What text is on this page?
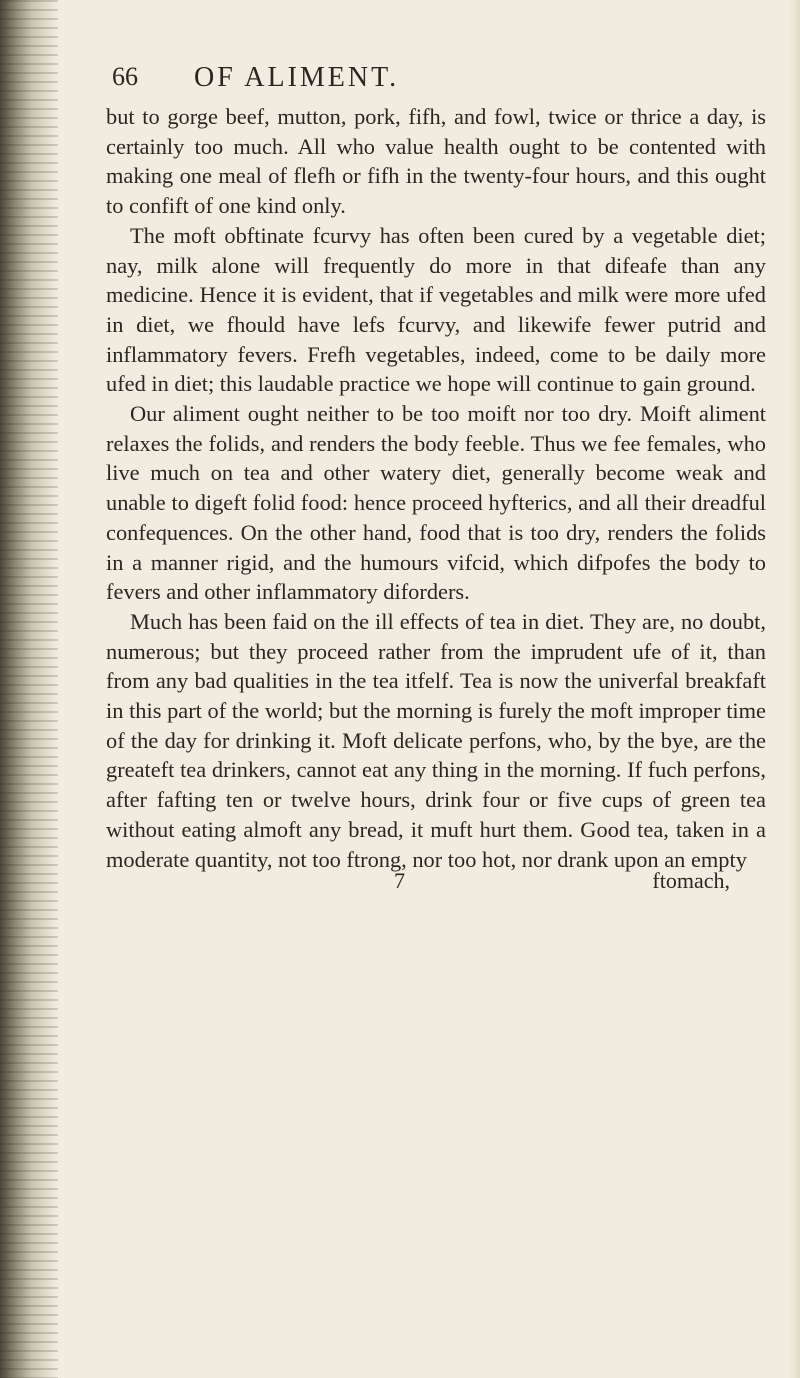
66 OF ALIMENT.

but to gorge beef, mutton, pork, fifh, and fowl, twice or thrice a day, is certainly too much. All who value health ought to be contented with making one meal of flefh or fifh in the twenty-four hours, and this ought to confift of one kind only.

The moft obftinate fcurvy has often been cured by a vegetable diet; nay, milk alone will frequently do more in that difeafe than any medicine. Hence it is evident, that if vegetables and milk were more ufed in diet, we fhould have lefs fcurvy, and likewife fewer putrid and inflammatory fevers. Frefh vegetables, indeed, come to be daily more ufed in diet; this laudable practice we hope will continue to gain ground.

Our aliment ought neither to be too moift nor too dry. Moift aliment relaxes the folids, and renders the body feeble. Thus we fee females, who live much on tea and other watery diet, generally become weak and unable to digeft folid food: hence proceed hyfterics, and all their dreadful confequences. On the other hand, food that is too dry, renders the folids in a manner rigid, and the humours vifcid, which difpofes the body to fevers and other inflammatory diforders.

Much has been faid on the ill effects of tea in diet. They are, no doubt, numerous; but they proceed rather from the imprudent ufe of it, than from any bad qualities in the tea itfelf. Tea is now the univerfal breakfaft in this part of the world; but the morning is furely the moft improper time of the day for drinking it. Moft delicate perfons, who, by the bye, are the greateft tea drinkers, cannot eat any thing in the morning. If fuch perfons, after fafting ten or twelve hours, drink four or five cups of green tea without eating almoft any bread, it muft hurt them. Good tea, taken in a moderate quantity, not too ftrong, nor too hot, nor drank upon an empty

7	ftomach,
